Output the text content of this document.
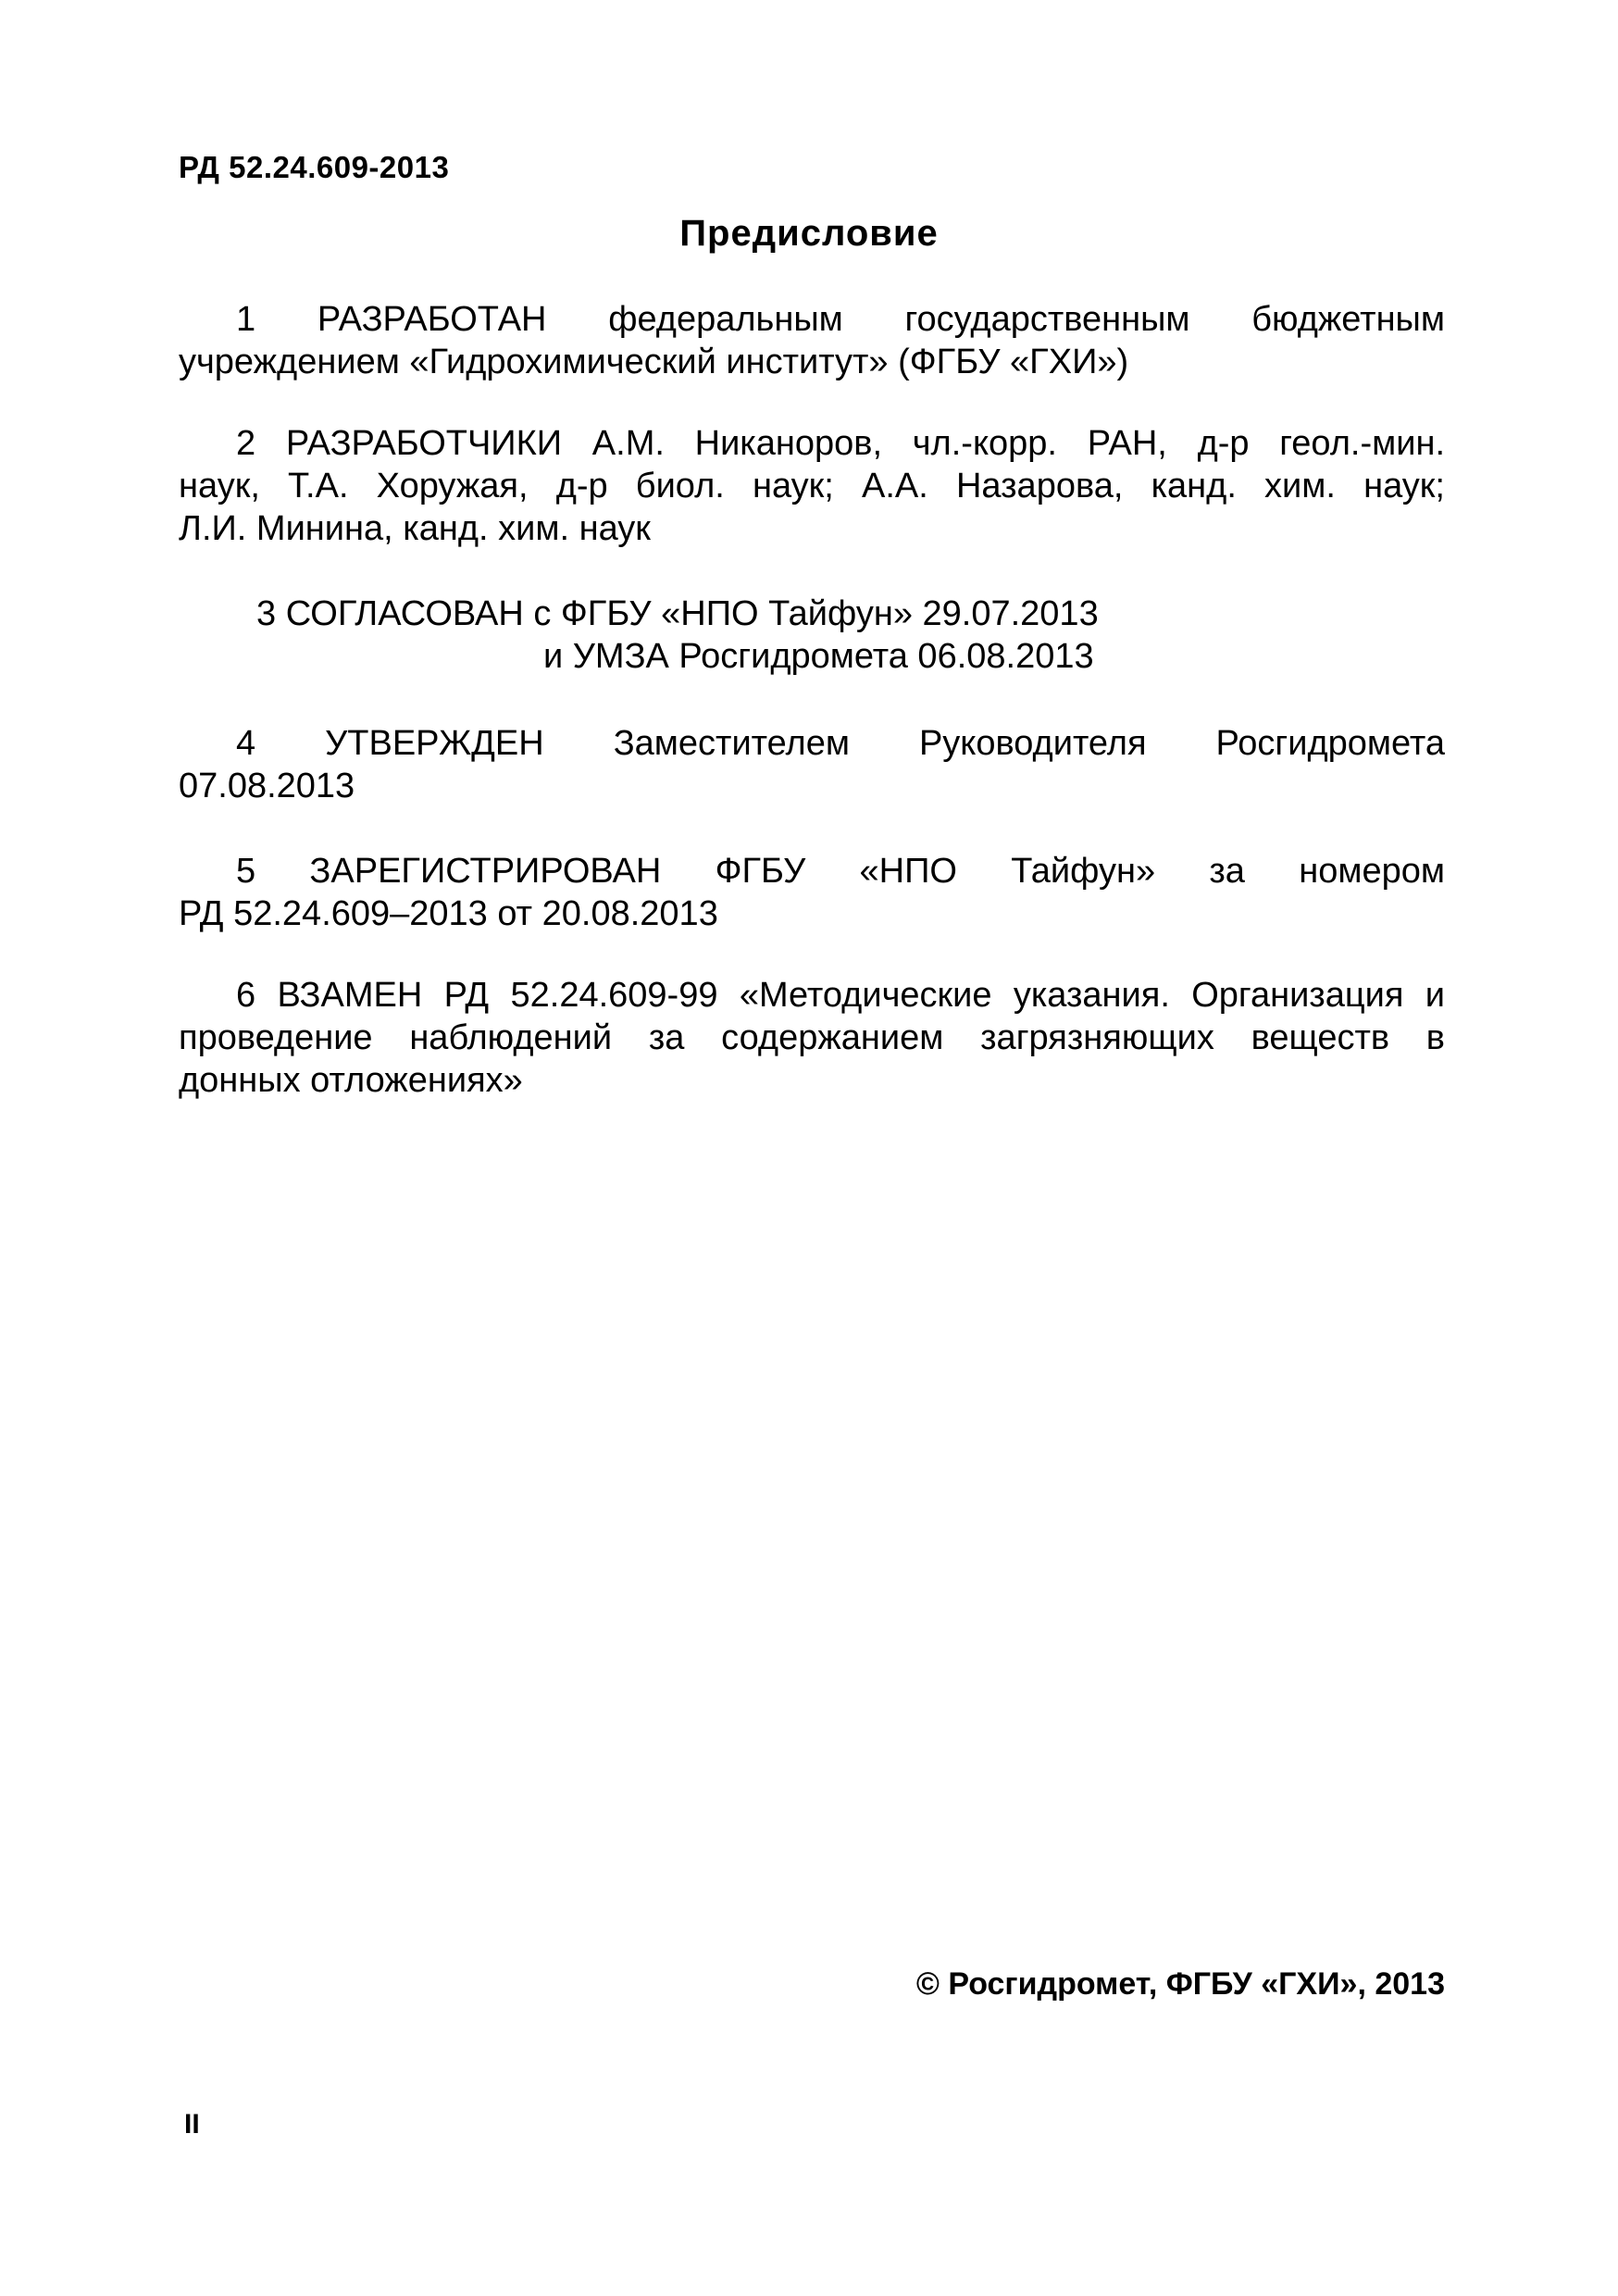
РД 52.24.609-2013
Предисловие
1 РАЗРАБОТАН федеральным государственным бюджетным
учреждением «Гидрохимический институт» (ФГБУ «ГХИ»)
2 РАЗРАБОТЧИКИ А.М. Никаноров, чл.-корр. РАН, д-р геол.-мин.
наук, Т.А. Хоружая, д-р биол. наук; А.А. Назарова, канд. хим. наук;
Л.И. Минина, канд. хим. наук
3 СОГЛАСОВАН с ФГБУ «НПО Тайфун» 29.07.2013
и УМЗА Росгидромета 06.08.2013
4 УТВЕРЖДЕН Заместителем Руководителя Росгидромета
07.08.2013
5 ЗАРЕГИСТРИРОВАН ФГБУ «НПО Тайфун» за номером
РД 52.24.609–2013 от 20.08.2013
6 ВЗАМЕН РД 52.24.609-99 «Методические указания. Организация и
проведение наблюдений за содержанием загрязняющих веществ в
донных отложениях»
© Росгидромет, ФГБУ «ГХИ», 2013
II
